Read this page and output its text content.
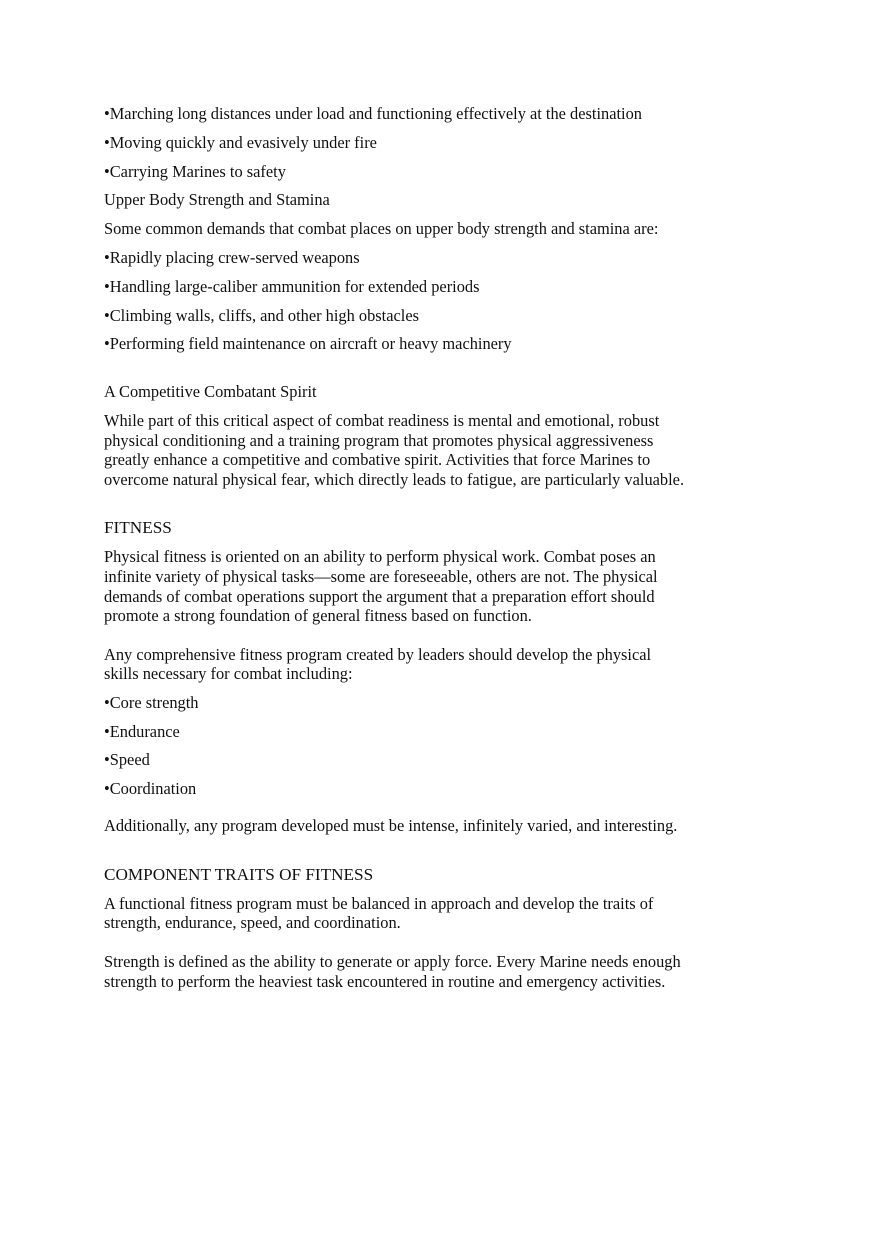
•Marching long distances under load and functioning effectively at the destination

•Moving quickly and evasively under fire

•Carrying Marines to safety

Upper Body Strength and Stamina

Some common demands that combat places on upper body strength and stamina are:

•Rapidly placing crew-served weapons

•Handling large-caliber ammunition for extended periods

•Climbing walls, cliffs, and other high obstacles

•Performing field maintenance on aircraft or heavy machinery

A Competitive Combatant Spirit

While part of this critical aspect of combat readiness is mental and emotional, robust

physical conditioning and a training program that promotes physical aggressiveness

greatly enhance a competitive and combative spirit. Activities that force Marines to

overcome natural physical fear, which directly leads to fatigue, are particularly valuable.

FITNESS

Physical fitness is oriented on an ability to perform physical work. Combat poses an

infinite variety of physical tasks—some are foreseeable, others are not. The physical

demands of combat operations support the argument that a preparation effort should

promote a strong foundation of general fitness based on function.

Any comprehensive fitness program created by leaders should develop the physical

skills necessary for combat including:

•Core strength

•Endurance

•Speed

•Coordination

Additionally, any program developed must be intense, infinitely varied, and interesting.

COMPONENT TRAITS OF FITNESS

A functional fitness program must be balanced in approach and develop the traits of

strength, endurance, speed, and coordination.

Strength is defined as the ability to generate or apply force. Every Marine needs enough

strength to perform the heaviest task encountered in routine and emergency activities.
